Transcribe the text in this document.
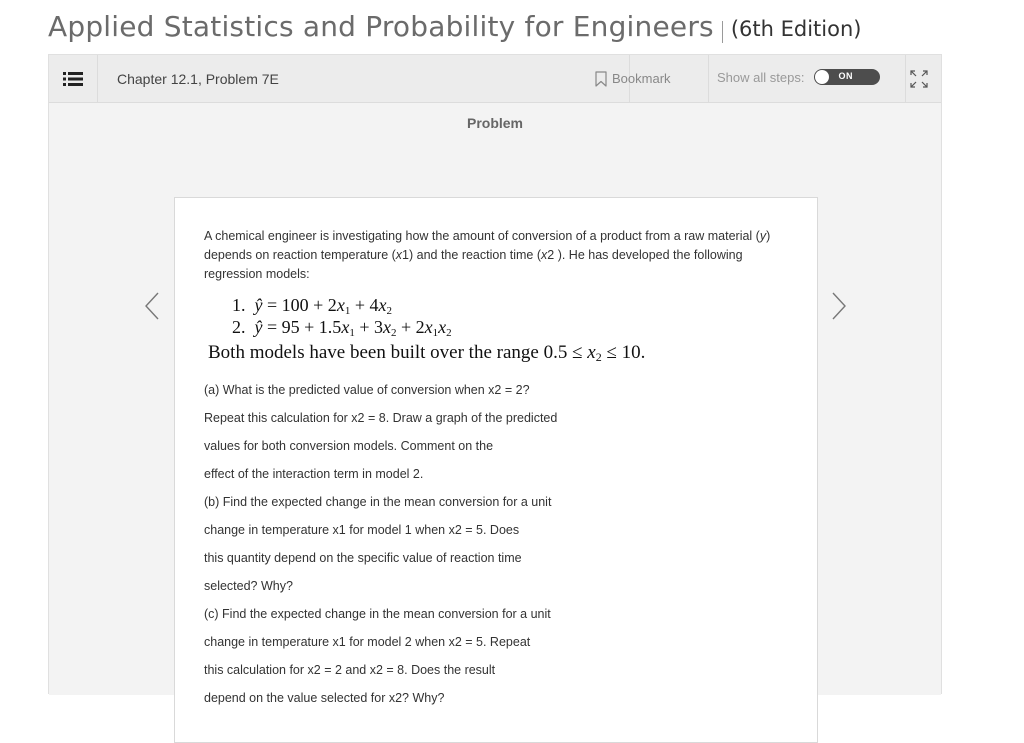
Applied Statistics and Probability for Engineers (6th Edition)
Chapter 12.1, Problem 7E	Bookmark	Show all steps:	ON
Problem
A chemical engineer is investigating how the amount of conversion of a product from a raw material (y) depends on reaction temperature (x1) and the reaction time (x2 ). He has developed the following regression models:
1. ŷ = $100 + 2x_1 + 4x_2$
2. ŷ = $95 + 1.5x_1 + 3x_2 + 2x_1x_2$
Both models have been built over the range $0.5 \le x_2 \le 10$.
(a) What is the predicted value of conversion when x2 = 2?
Repeat this calculation for x2 = 8. Draw a graph of the predicted
values for both conversion models. Comment on the
effect of the interaction term in model 2.
(b) Find the expected change in the mean conversion for a unit
change in temperature x1 for model 1 when x2 = 5. Does
this quantity depend on the specific value of reaction time
selected? Why?
(c) Find the expected change in the mean conversion for a unit
change in temperature x1 for model 2 when x2 = 5. Repeat
this calculation for x2 = 2 and x2 = 8. Does the result
depend on the value selected for x2? Why?
